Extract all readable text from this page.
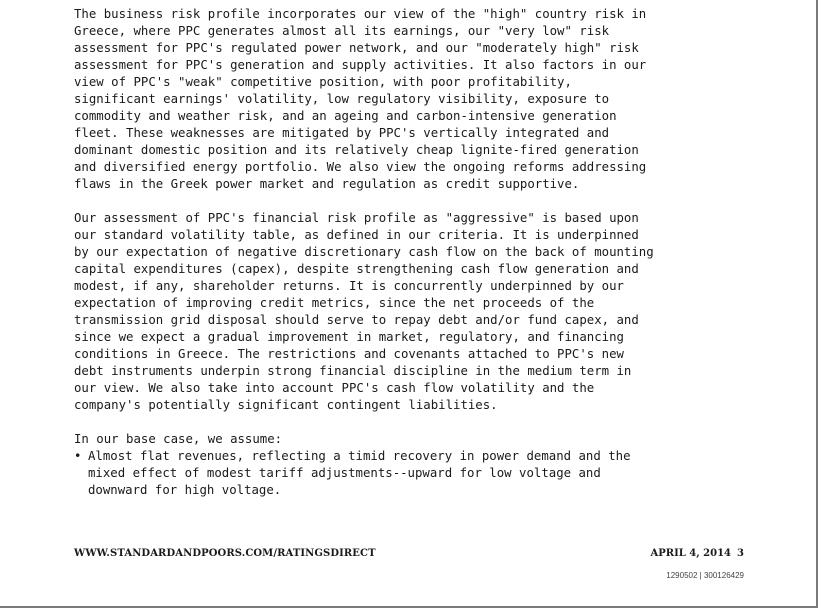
The business risk profile incorporates our view of the "high" country risk in
Greece, where PPC generates almost all its earnings, our "very low" risk
assessment for PPC's regulated power network, and our "moderately high" risk
assessment for PPC's generation and supply activities. It also factors in our
view of PPC's "weak" competitive position, with poor profitability,
significant earnings' volatility, low regulatory visibility, exposure to
commodity and weather risk, and an ageing and carbon-intensive generation
fleet. These weaknesses are mitigated by PPC's vertically integrated and
dominant domestic position and its relatively cheap lignite-fired generation
and diversified energy portfolio. We also view the ongoing reforms addressing
flaws in the Greek power market and regulation as credit supportive.

Our assessment of PPC's financial risk profile as "aggressive" is based upon
our standard volatility table, as defined in our criteria. It is underpinned
by our expectation of negative discretionary cash flow on the back of mounting
capital expenditures (capex), despite strengthening cash flow generation and
modest, if any, shareholder returns. It is concurrently underpinned by our
expectation of improving credit metrics, since the net proceeds of the
transmission grid disposal should serve to repay debt and/or fund capex, and
since we expect a gradual improvement in market, regulatory, and financing
conditions in Greece. The restrictions and covenants attached to PPC's new
debt instruments underpin strong financial discipline in the medium term in
our view. We also take into account PPC's cash flow volatility and the
company's potentially significant contingent liabilities.

In our base case, we assume:

• Almost flat revenues, reflecting a timid recovery in power demand and the
mixed effect of modest tariff adjustments--upward for low voltage and
downward for high voltage.
WWW.STANDARDANDPOORS.COM/RATINGSDIRECT	APRIL 4, 2014 3
1290502 | 300126429
